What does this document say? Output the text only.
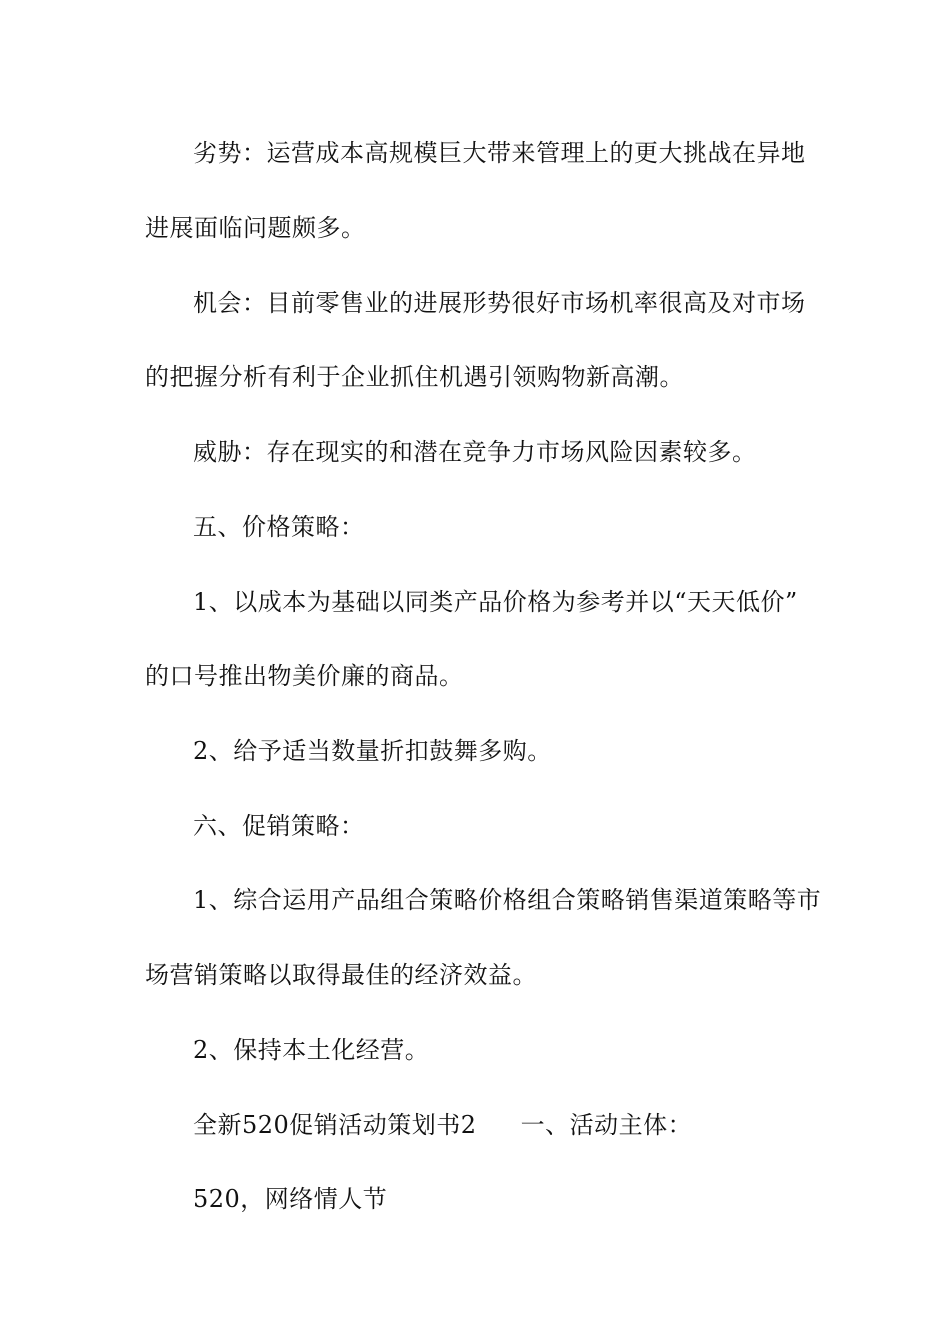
劣势：运营成本高规模巨大带来管理上的更大挑战在异地
进展面临问题颇多。
机会：目前零售业的进展形势很好市场机率很高及对市场
的把握分析有利于企业抓住机遇引领购物新高潮。
威胁：存在现实的和潜在竞争力市场风险因素较多。
五、价格策略：
1、以成本为基础以同类产品价格为参考并以“天天低价”
的口号推出物美价廉的商品。
2、给予适当数量折扣鼓舞多购。
六、促销策略：
1、综合运用产品组合策略价格组合策略销售渠道策略等市
场营销策略以取得最佳的经济效益。
2、保持本土化经营。
全新520促销活动策划书2 一、活动主体：
520，网络情人节
